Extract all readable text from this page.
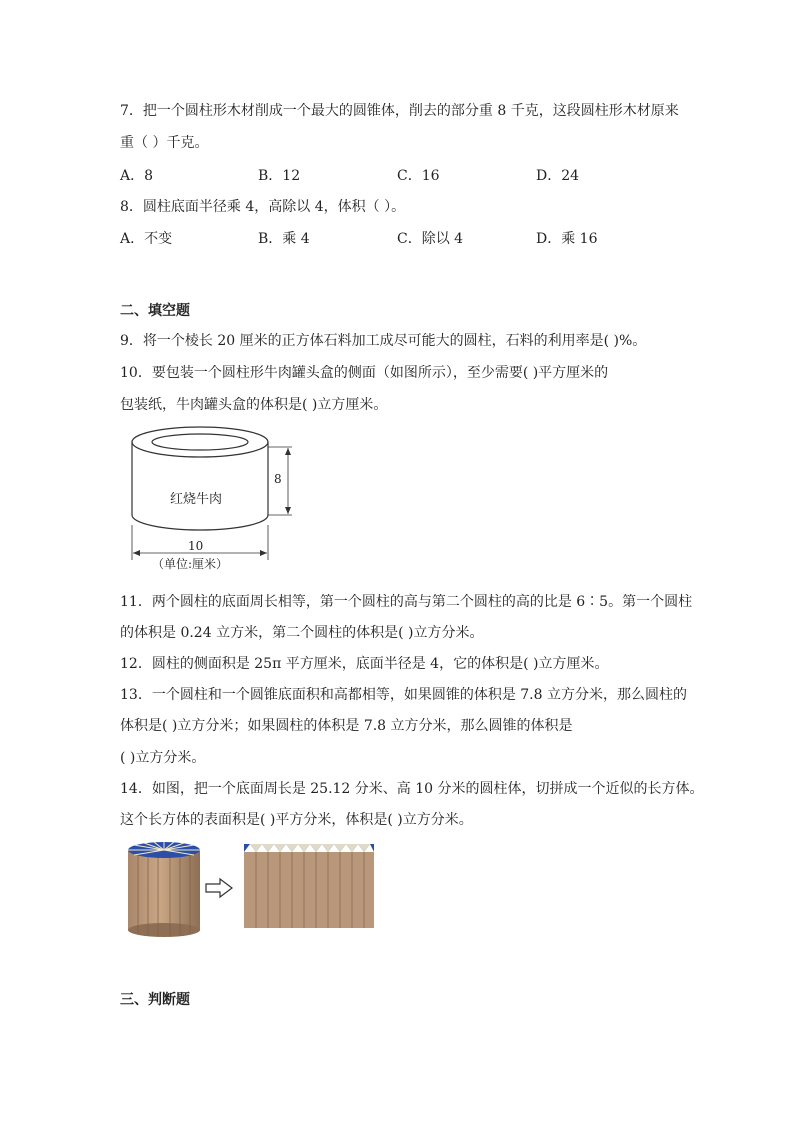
7．把一个圆柱形木材削成一个最大的圆锥体，削去的部分重 8 千克，这段圆柱形木材原来
重（ ）千克。
A．8	B．12	C．16	D．24
8．圆柱底面半径乘 4，高除以 4，体积（ ）。
A．不变	B．乘 4	C．除以 4	D．乘 16
二、填空题
9．将一个棱长 20 厘米的正方体石料加工成尽可能大的圆柱，石料的利用率是( )%。
10．要包装一个圆柱形牛肉罐头盒的侧面（如图所示），至少需要( )平方厘米的
包装纸，牛肉罐头盒的体积是( )立方厘米。
红烧牛肉
8
10
（单位:厘米）
11．两个圆柱的底面周长相等，第一个圆柱的高与第二个圆柱的高的比是 6∶5。第一个圆柱
的体积是 0.24 立方米，第二个圆柱的体积是( )立方分米。
12．圆柱的侧面积是 25π 平方厘米，底面半径是 4，它的体积是( )立方厘米。
13．一个圆柱和一个圆锥底面积和高都相等，如果圆锥的体积是 7.8 立方分米，那么圆柱的
体积是( )立方分米；如果圆柱的体积是 7.8 立方分米，那么圆锥的体积是
( )立方分米。
14．如图，把一个底面周长是 25.12 分米、高 10 分米的圆柱体，切拼成一个近似的长方体。
这个长方体的表面积是( )平方分米，体积是( )立方分米。
三、判断题
